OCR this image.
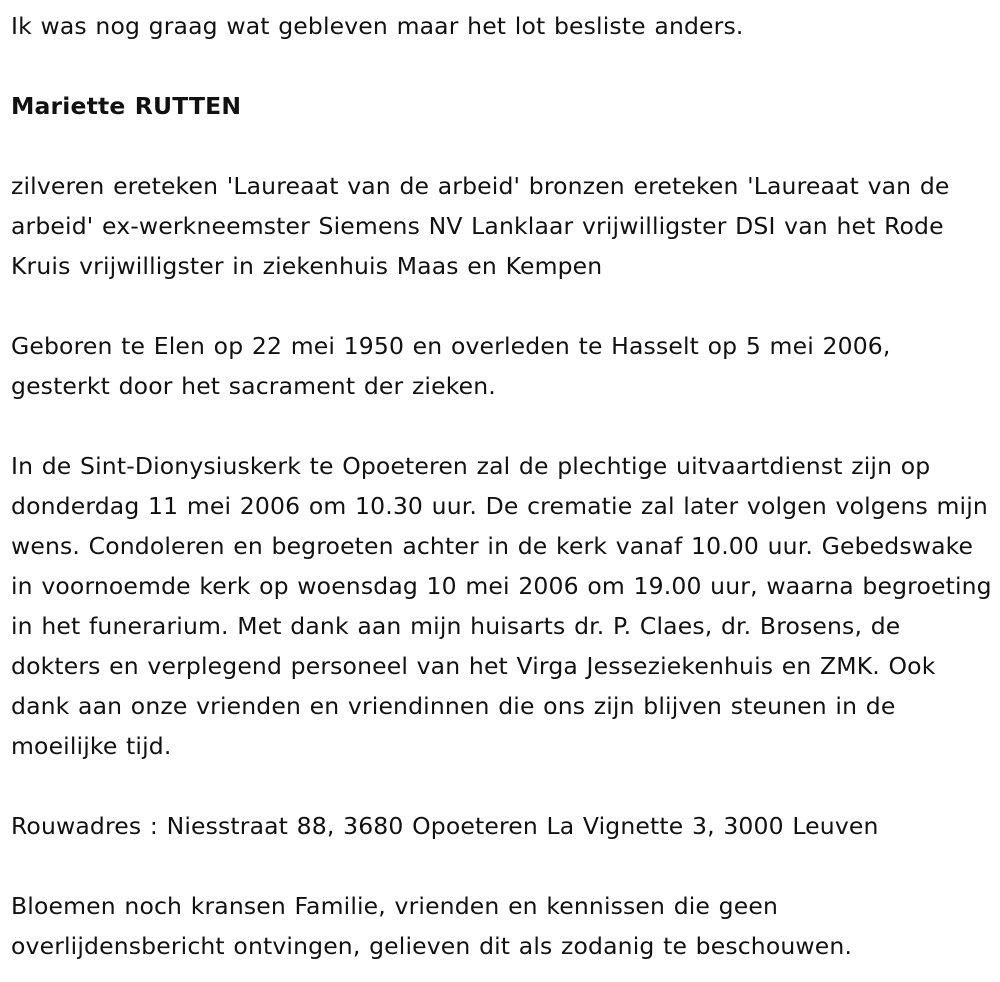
Ik was nog graag wat gebleven maar het lot besliste anders.

Mariette RUTTEN

zilveren ereteken 'Laureaat van de arbeid' bronzen ereteken 'Laureaat van de arbeid' ex-werkneemster Siemens NV Lanklaar vrijwilligster DSI van het Rode Kruis vrijwilligster in ziekenhuis Maas en Kempen

Geboren te Elen op 22 mei 1950 en overleden te Hasselt op 5 mei 2006, gesterkt door het sacrament der zieken.

In de Sint-Dionysiuskerk te Opoeteren zal de plechtige uitvaartdienst zijn op donderdag 11 mei 2006 om 10.30 uur. De crematie zal later volgen volgens mijn wens. Condoleren en begroeten achter in de kerk vanaf 10.00 uur. Gebedswake in voornoemde kerk op woensdag 10 mei 2006 om 19.00 uur, waarna begroeting in het funerarium. Met dank aan mijn huisarts dr. P. Claes, dr. Brosens, de dokters en verplegend personeel van het Virga Jesseziekenhuis en ZMK. Ook dank aan onze vrienden en vriendinnen die ons zijn blijven steunen in de moeilijke tijd.

Rouwadres : Niesstraat 88, 3680 Opoeteren La Vignette 3, 3000 Leuven

Bloemen noch kransen Familie, vrienden en kennissen die geen overlijdensbericht ontvingen, gelieven dit als zodanig te beschouwen.
